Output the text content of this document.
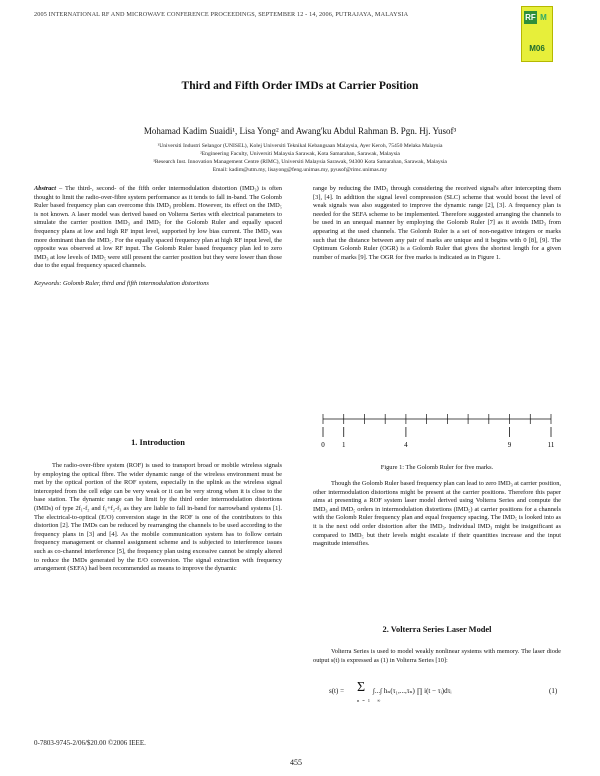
2005 INTERNATIONAL RF AND MICROWAVE CONFERENCE PROCEEDINGS, SEPTEMBER 12 - 14, 2006, PUTRAJAYA, MALAYSIA	RF M
M06
Third and Fifth Order IMDs at Carrier Position
Mohamad Kadim Suaidi¹, Lisa Yong² and Awang'ku Abdul Rahman B. Pgn. Hj. Yusof³
¹Universiti Industri Selangor (UNISEL), Kolej Universiti Teknikal Kebangsaan Malaysia, Ayer Keroh, 75450 Melaka Malaysia
²Engineering Faculty, Universiti Malaysia Sarawak, Kota Samarahan, Sarawak, Malaysia
³Research Inst. Innovation Management Centre (RIMC), Universiti Malaysia Sarawak, 94300 Kota Samarahan, Sarawak, Malaysia
Email: kadim@utm.my, lisayong@feng.unimas.my, pyusof@rimc.unimas.my

Abstract – The third-, second- of the fifth order intermodulation distortion (IMD₃) is often thought to limit the radio-over-fibre system performance as it tends to fall in-band. The Golomb Ruler based frequency plan can overcome this IMD₃ problem. However, its effect on the IMD₅ is not known. A laser model was derived based on Volterra Series with electrical parameters to simulate the carrier position IMD₃ and IMD₅ for the Golomb Ruler and equally spaced frequency plans at low and high RF input level, supported by low bias current. The IMD₃ was more dominant than the IMD₅. For the equally spaced frequency plan at high RF input level, the opposite was observed at low RF input. The Golomb Ruler based frequency plan led to zero IMD₃ at low levels of IMD₅ were still present the carrier position but they were lower than those due to the equal frequency spaced channels.

Keywords: Golomb Ruler, third and fifth intermodulation distortions

1. Introduction
The radio-over-fibre system (ROF) is used to transport broad or mobile wireless signals by employing the optical fibre. The wider dynamic range of the wireless environment must be met by the optical portion of the ROF system, especially in the uplink as the wireless signal intercepted from the cell edge can be very weak or it can be very strong when it is close to the base station. The dynamic range can be limit by the third order intermodulation distortions (IMDs) of type 2f₁-f₂ and f₁+f₂-f₃ as they are liable to fall in-band for narrowband systems [1]. The electrical-to-optical (E/O) conversion stage in the ROF is one of the contributors to this distortion [2]. The IMDs can be reduced by rearranging the channels to be used according to the frequency plans in [3] and [4]. As the mobile communication system has to follow certain frequency management or channel assignment scheme and is subjected to interference issues such as co-channel interference [5], the frequency plan using excessive cannot be simply altered to reduce the IMDs generated by the E/O conversion. The signal extraction with frequency arrangement (SEFA) had been recommended as means to improve the dynamic
range by reducing the IMD₃ through considering the received signal's after intercepting them [3], [4]. In addition the signal level compression (SLC) scheme that would boost the level of weak signals was also suggested to improve the dynamic range [2], [3]. A frequency plan is needed for the SEFA scheme to be implemented. Therefore suggested arranging the channels to be used in an unequal manner by employing the Golomb Ruler [7] as it avoids IMD₃ from appearing at the used channels. The Golomb Ruler is a set of non-negative integers or marks such that the distance between any pair of marks are unique and it begins with 0 [8], [9]. The Optimum Golomb Ruler (OGR) is a Golomb Ruler that gives the shortest length for a given number of marks [9]. The OGR for five marks is indicated as in Figure 1.
0 1	4	9	11
Figure 1: The Golomb Ruler for five marks.
Though the Golomb Ruler based frequency plan can lead to zero IMD₃ at carrier position, other intermodulation distortions might be present at the carrier positions. Therefore this paper aims at presenting a ROF system laser model derived using Volterra Series and compute the IMD₃ and IMD₅ orders in intermodulation distortions (IMD₅) at carrier positions for a channels with the Golomb Ruler frequency plan and equal frequency spacing. The IMD₅ is looked into as it is the next odd order distortion after the IMD₃. Individual IMD₃ might be insignificant as compared to IMD₅ but their levels might escalate if their quantities increase and the input magnitude intensifies.
2. Volterra Series Laser Model
Volterra Series is used to model weakly nonlinear systems with memory. The laser diode output s(t) is expressed as (1) in Volterra Series [10]:
s(t) = Σ
n=1 ∞
∫...∫ hₙ(τ₁,...,τₙ) ∏ i(t − τᵢ)dτᵢ	(1)
0-7803-9745-2/06/$20.00 ©2006 IEEE.
455
